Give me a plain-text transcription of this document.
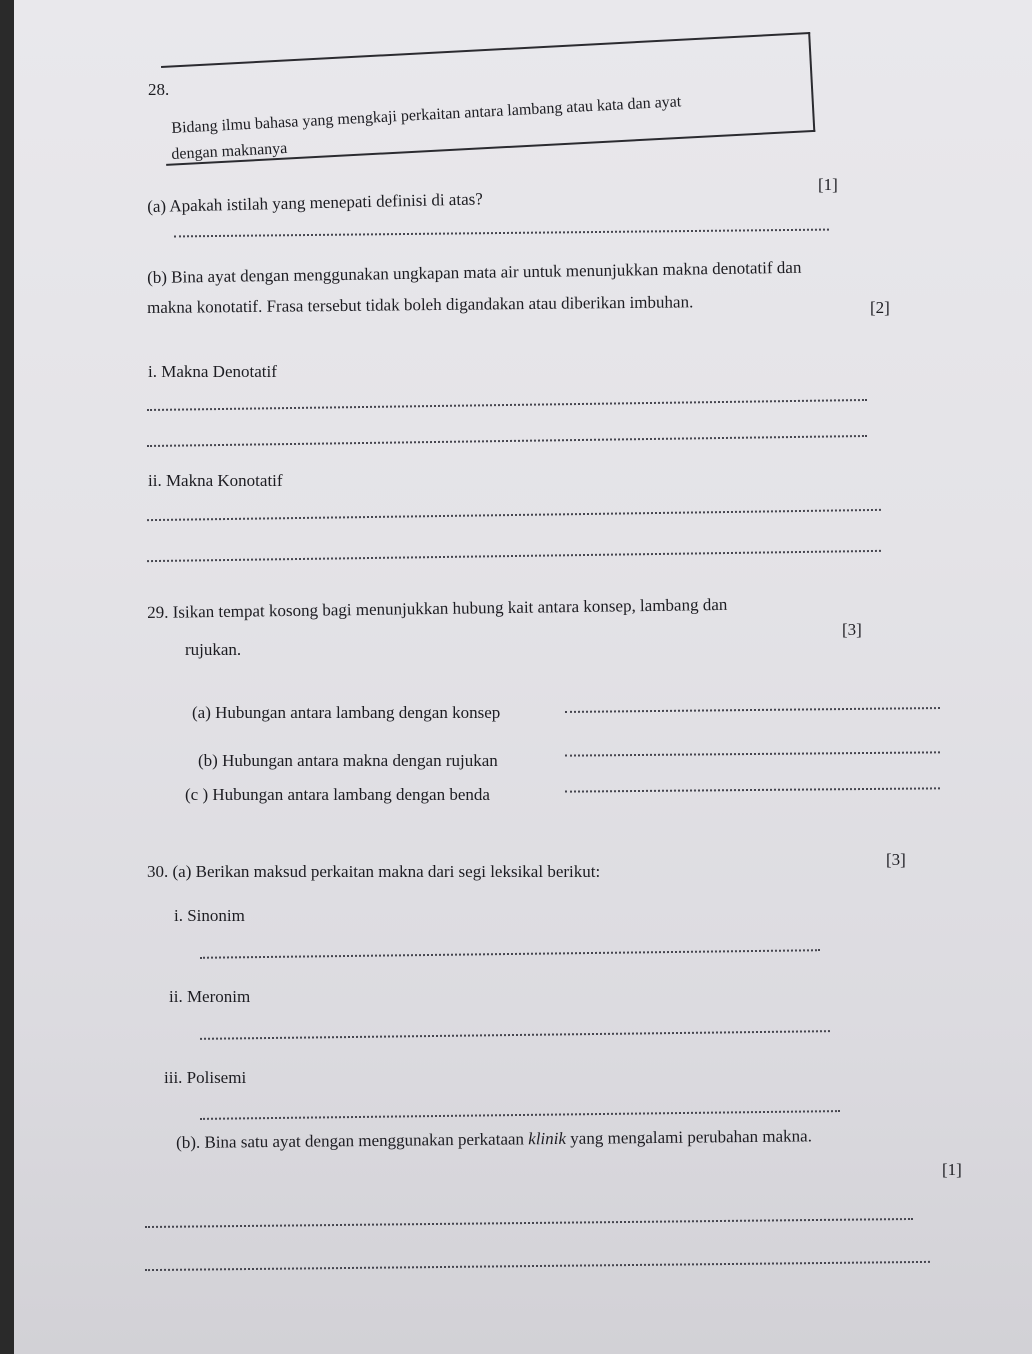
28.
Bidang ilmu bahasa yang mengkaji perkaitan antara lambang atau kata dan ayat
dengan maknanya
[1]
(a) Apakah istilah yang menepati definisi di atas?
(b) Bina ayat dengan menggunakan ungkapan mata air untuk menunjukkan makna denotatif dan
makna konotatif. Frasa tersebut tidak boleh digandakan atau diberikan imbuhan.	[2]
i. Makna Denotatif
ii. Makna Konotatif
29. Isikan tempat kosong bagi menunjukkan hubung kait antara konsep, lambang dan
[3]
rujukan.
(a) Hubungan antara lambang dengan konsep
(b) Hubungan antara makna dengan rujukan
(c ) Hubungan antara lambang dengan benda
30. (a) Berikan maksud perkaitan makna dari segi leksikal berikut:
[3]
i. Sinonim
ii. Meronim
iii. Polisemi
(b). Bina satu ayat dengan menggunakan perkataan klinik yang mengalami perubahan makna.
[1]
